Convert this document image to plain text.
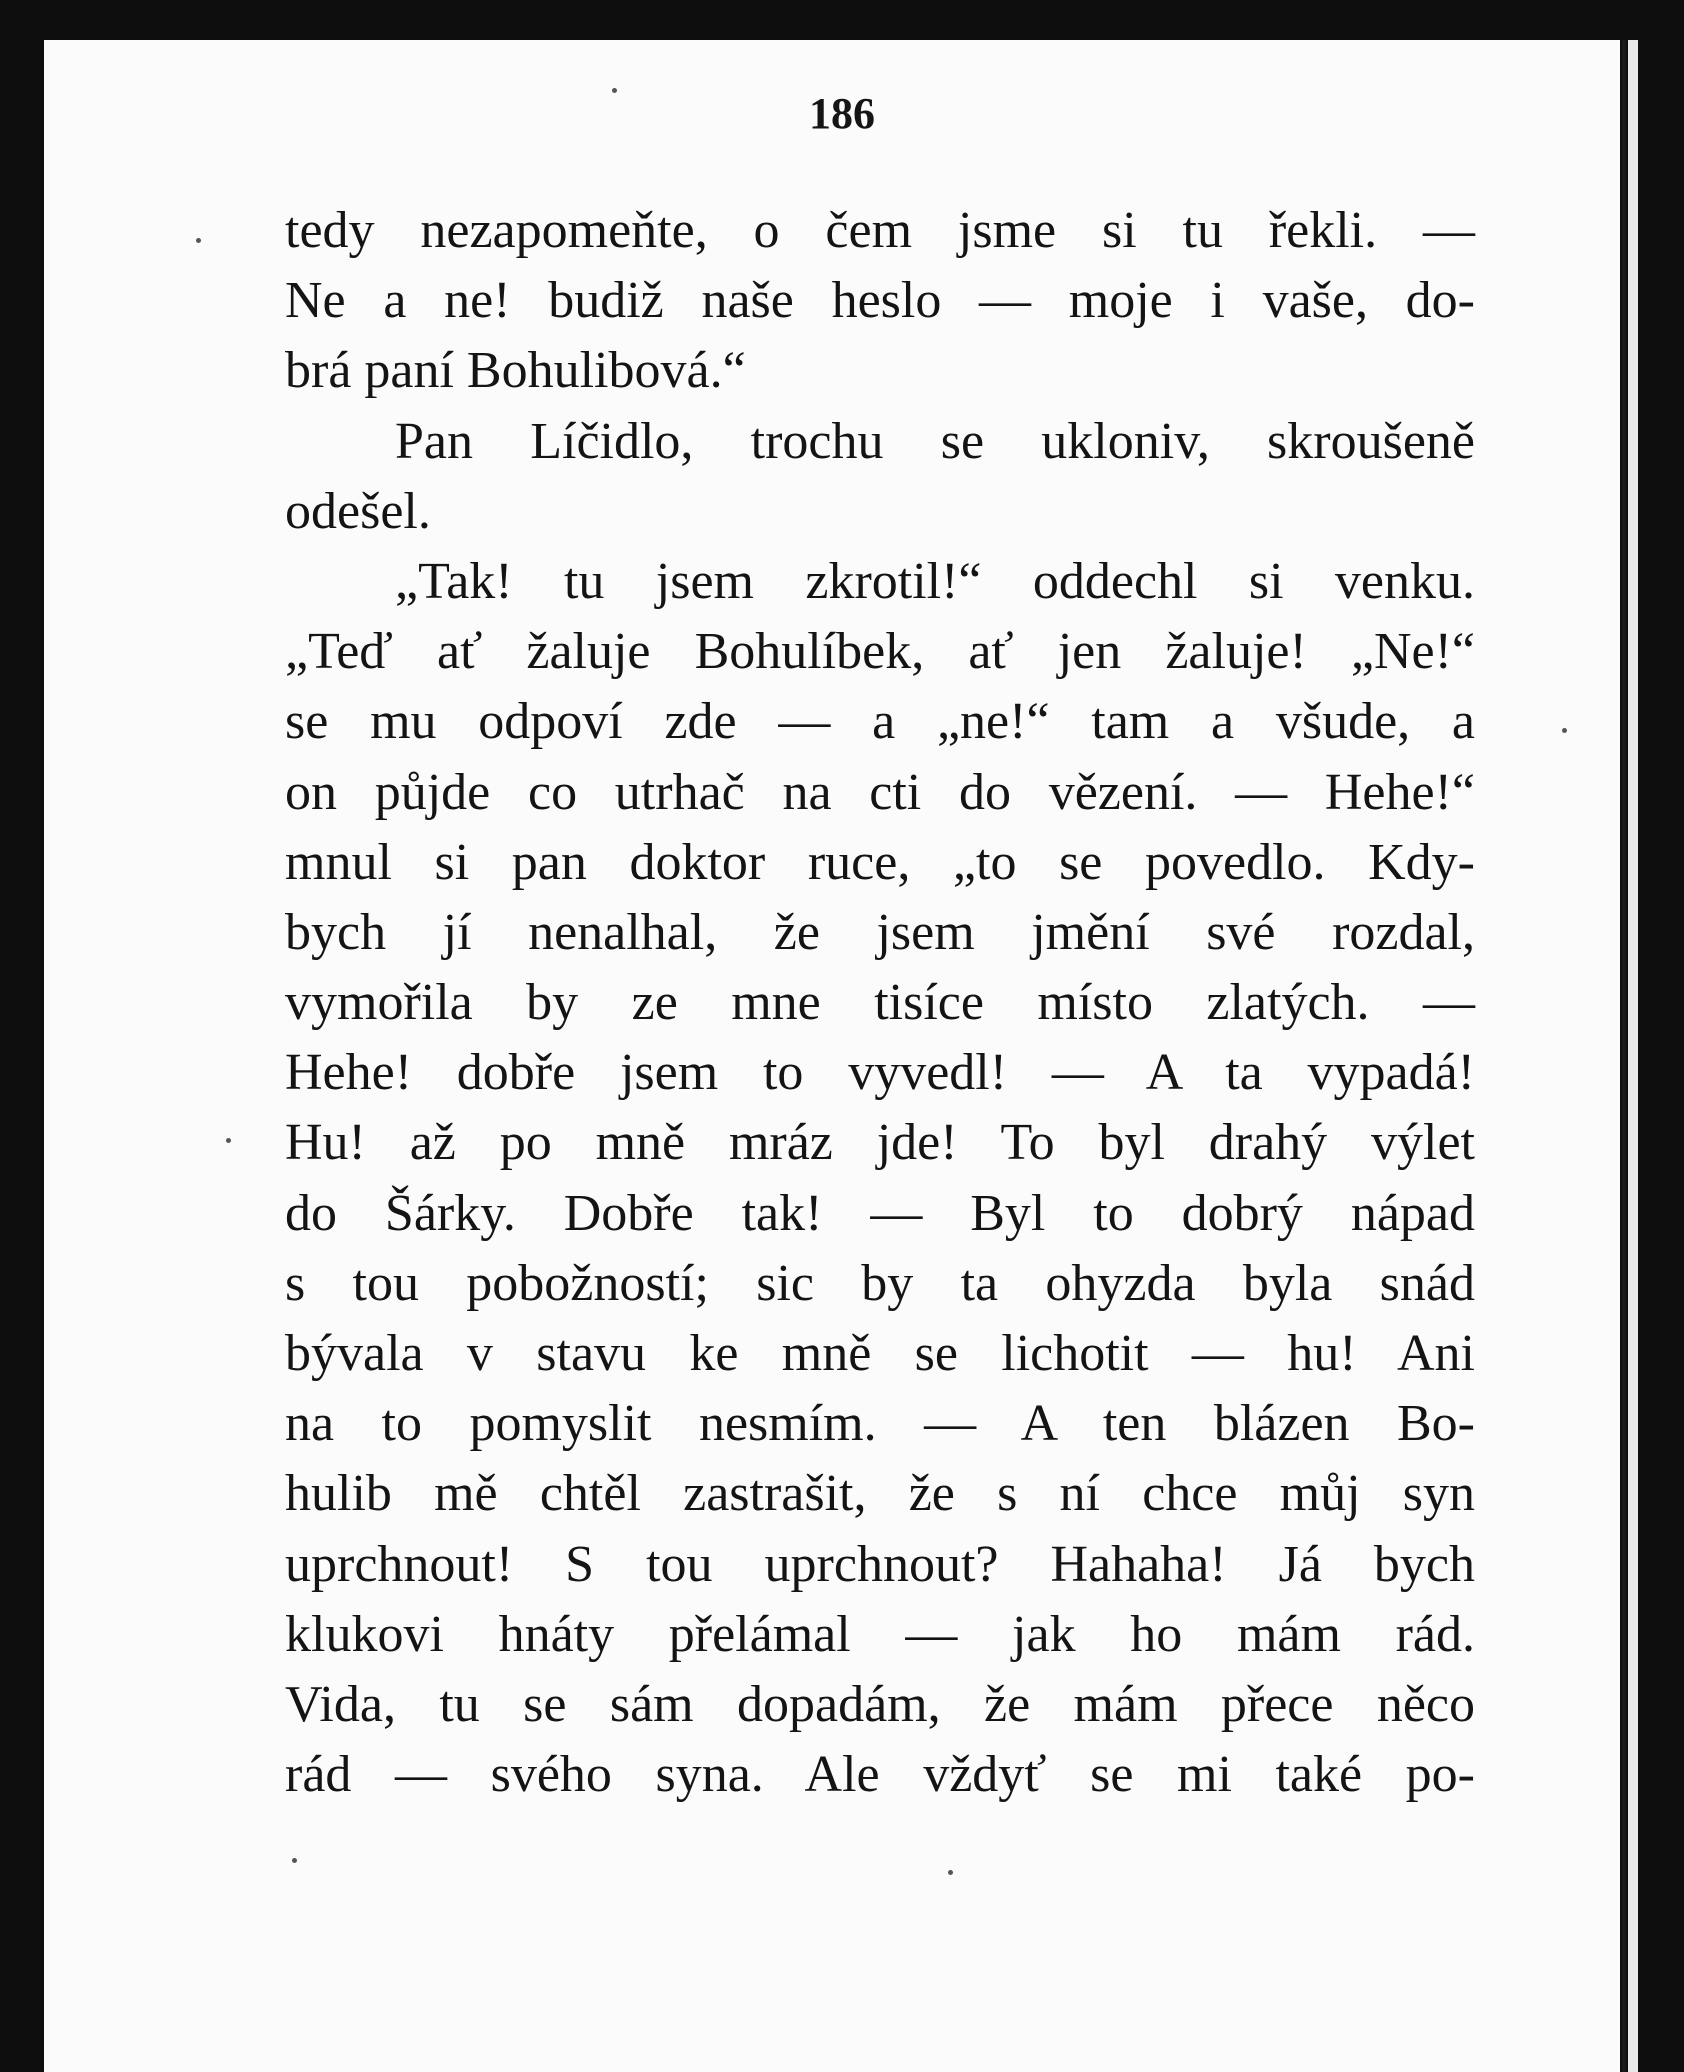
186
tedy nezapomeňte, o čem jsme si tu řekli. —
Ne a ne! budiž naše heslo — moje i vaše, do-
brá paní Bohulibová.“
Pan Líčidlo, trochu se ukloniv, skroušeně
odešel.
„Tak! tu jsem zkrotil!“ oddechl si venku.
„Teď ať žaluje Bohulíbek, ať jen žaluje! „Ne!“
se mu odpoví zde — a „ne!“ tam a všude, a
on půjde co utrhač na cti do vězení. — Hehe!“
mnul si pan doktor ruce, „to se povedlo. Kdy-
bych jí nenalhal, že jsem jmění své rozdal,
vymořila by ze mne tisíce místo zlatých. —
Hehe! dobře jsem to vyvedl! — A ta vypadá!
Hu! až po mně mráz jde! To byl drahý výlet
do Šárky. Dobře tak! — Byl to dobrý nápad
s tou pobožností; sic by ta ohyzda byla snád
bývala v stavu ke mně se lichotit — hu! Ani
na to pomyslit nesmím. — A ten blázen Bo-
hulib mě chtěl zastrašit, že s ní chce můj syn
uprchnout! S tou uprchnout? Hahaha! Já bych
klukovi hnáty přelámal — jak ho mám rád.
Vida, tu se sám dopadám, že mám přece něco
rád — svého syna. Ale vždyť se mi také po-
